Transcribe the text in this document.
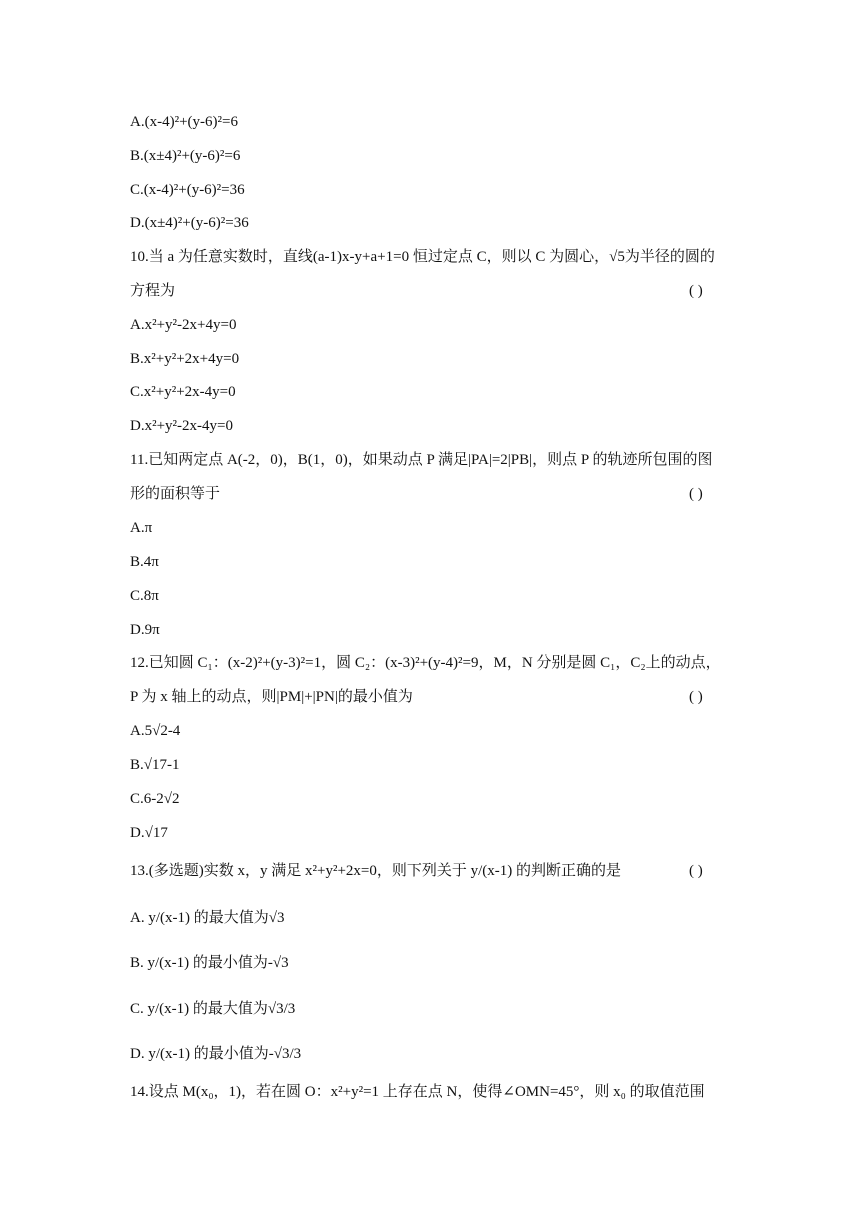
A.(x-4)²+(y-6)²=6
B.(x±4)²+(y-6)²=6
C.(x-4)²+(y-6)²=36
D.(x±4)²+(y-6)²=36
10.当 a 为任意实数时，直线(a-1)x-y+a+1=0 恒过定点 C，则以 C 为圆心，√5为半径的圆的
方程为	( )
A.x²+y²-2x+4y=0
B.x²+y²+2x+4y=0
C.x²+y²+2x-4y=0
D.x²+y²-2x-4y=0
11.已知两定点 A(-2，0)，B(1，0)，如果动点 P 满足|PA|=2|PB|，则点 P 的轨迹所包围的图
形的面积等于	( )
A.π
B.4π
C.8π
D.9π
12.已知圆 C₁：(x-2)²+(y-3)²=1，圆 C₂：(x-3)²+(y-4)²=9，M，N 分别是圆 C₁，C₂上的动点，
P 为 x 轴上的动点，则|PM|+|PN|的最小值为	( )
A.5√2-4
B.√17-1
C.6-2√2
D.√17
13.(多选题)实数 x，y 满足 x²+y²+2x=0，则下列关于 y/(x-1) 的判断正确的是	( )
A. y/(x-1) 的最大值为√3
B. y/(x-1) 的最小值为-√3
C. y/(x-1) 的最大值为√3/3
D. y/(x-1) 的最小值为-√3/3
14.设点 M(x₀，1)，若在圆 O：x²+y²=1 上存在点 N，使得∠OMN=45°，则 x₀ 的取值范围
